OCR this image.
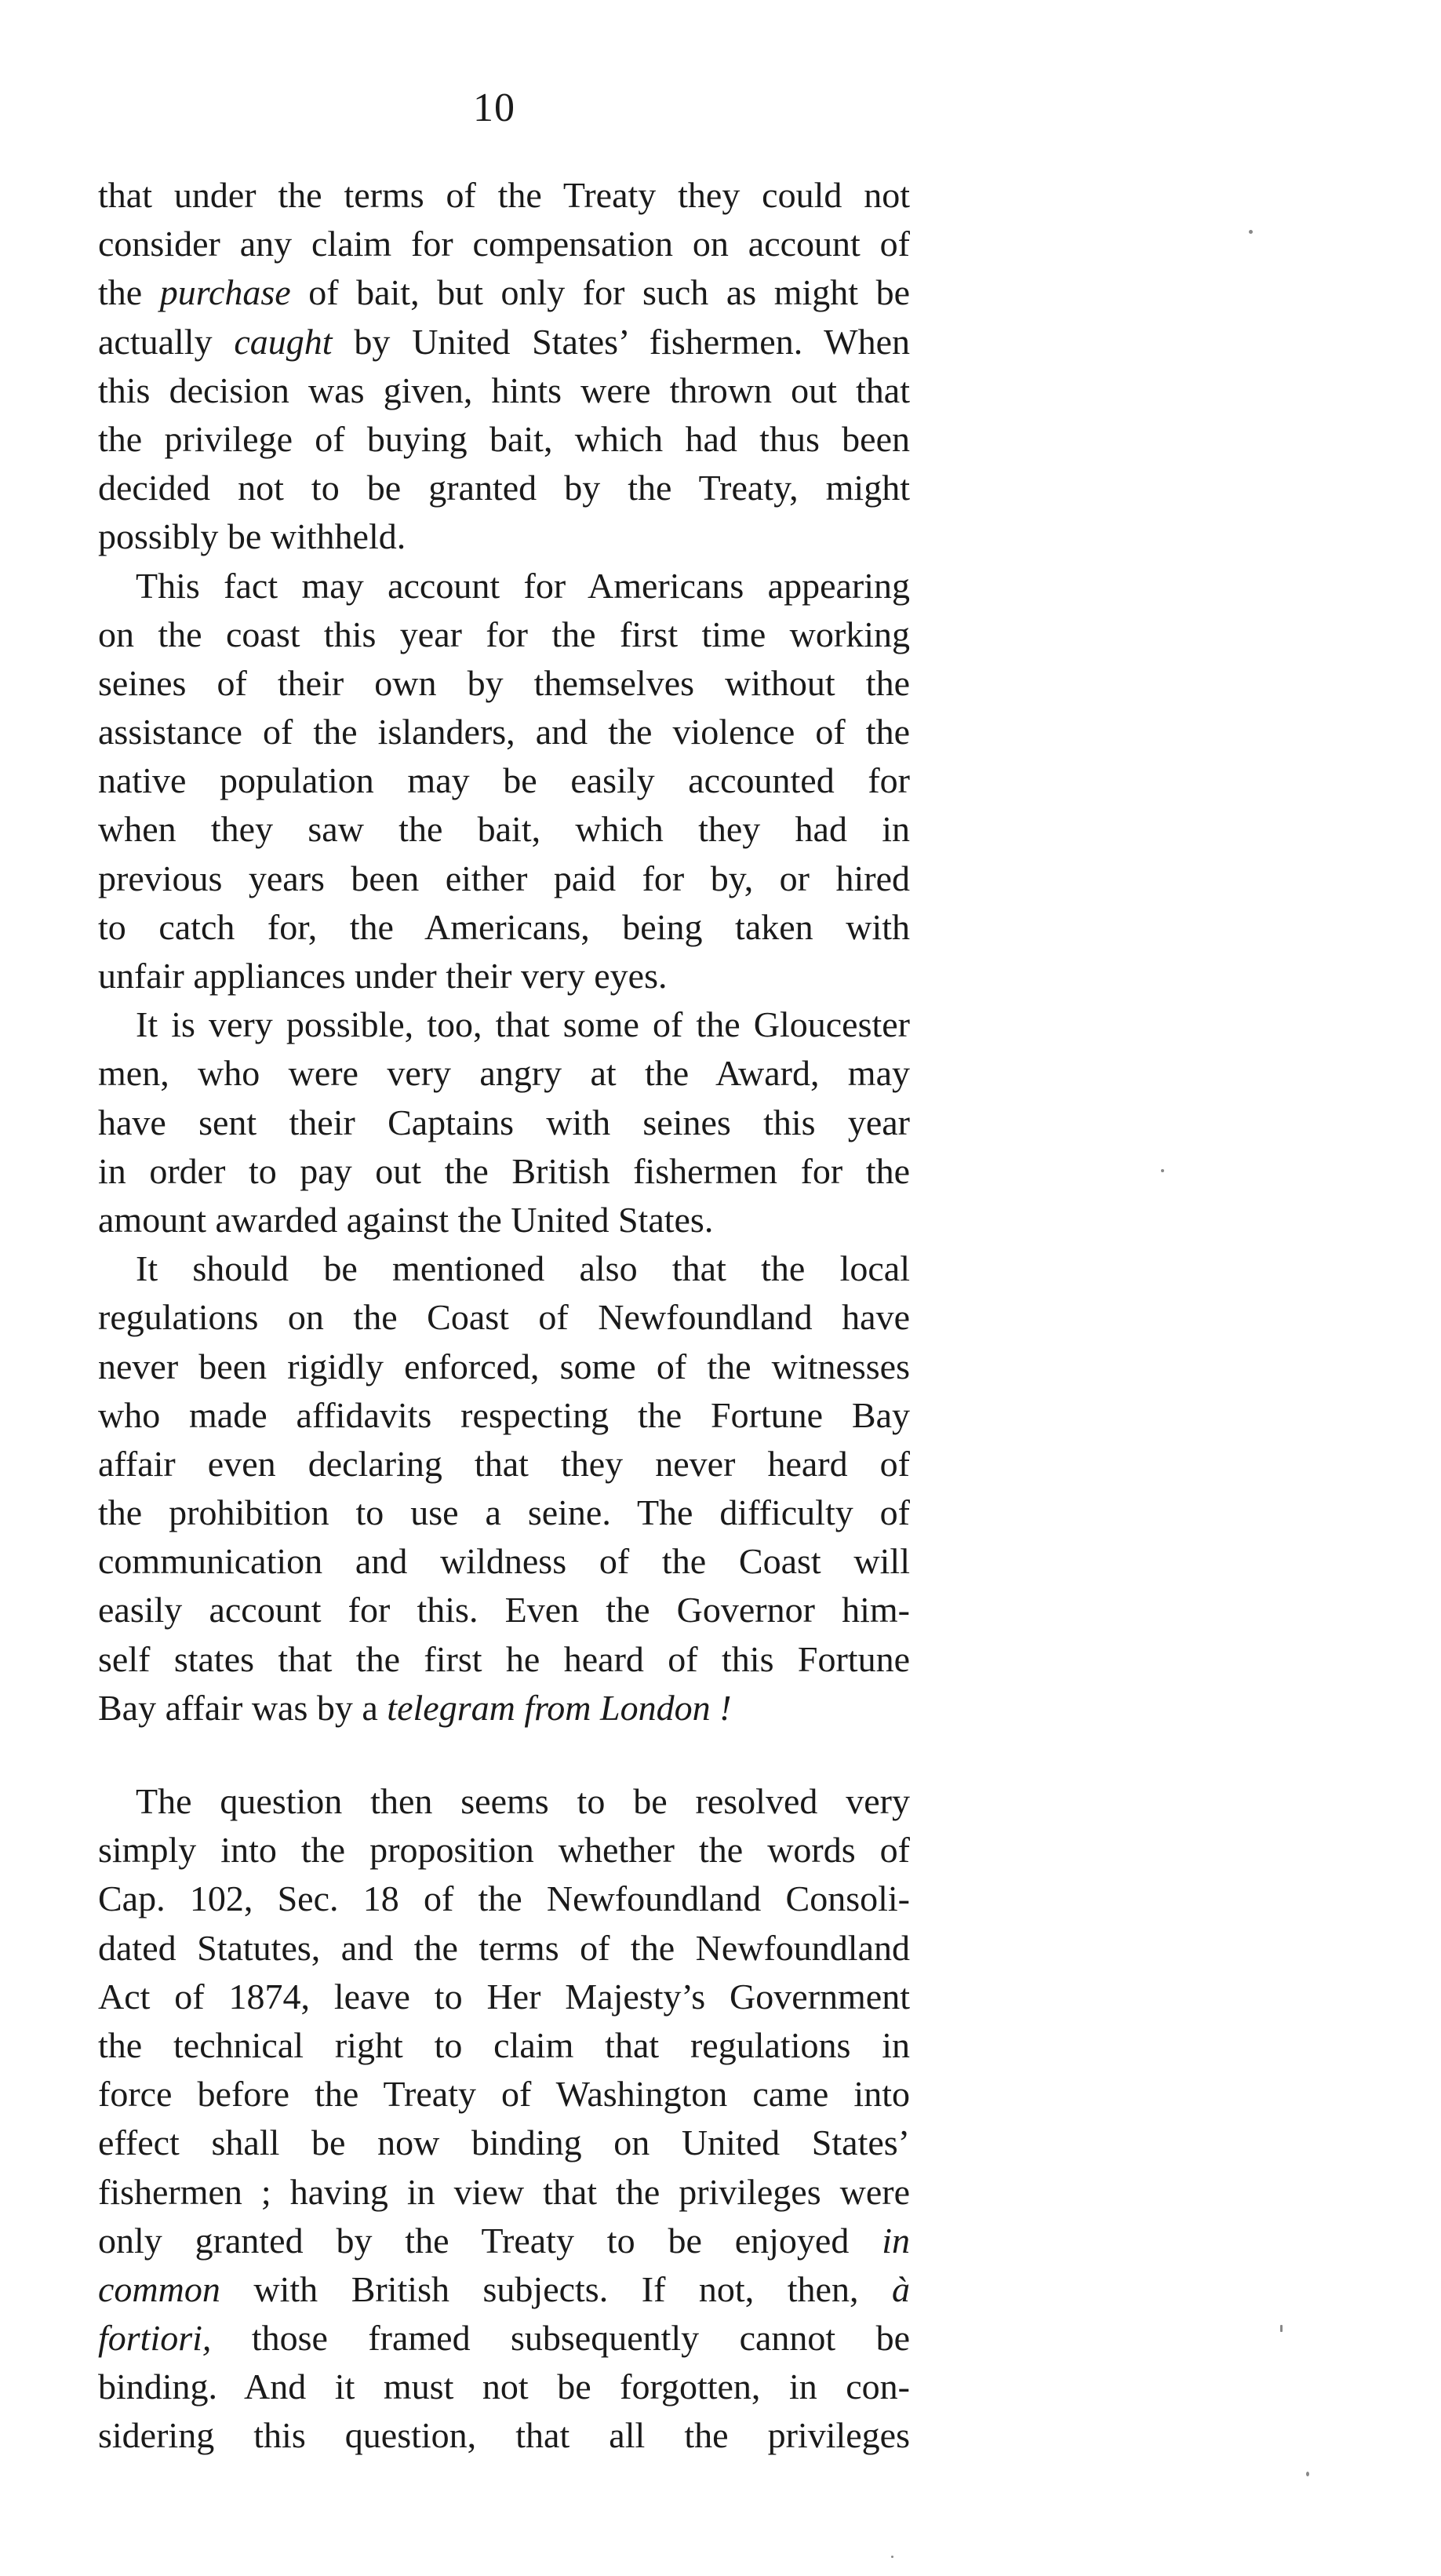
10
that under the terms of the Treaty they could not
consider any claim for compensation on account of
the purchase of bait, but only for such as might be
actually caught by United States’ fishermen. When
this decision was given, hints were thrown out that
the privilege of buying bait, which had thus been
decided not to be granted by the Treaty, might
possibly be withheld.
This fact may account for Americans appearing
on the coast this year for the first time working
seines of their own by themselves without the
assistance of the islanders, and the violence of the
native population may be easily accounted for
when they saw the bait, which they had in
previous years been either paid for by, or hired
to catch for, the Americans, being taken with
unfair appliances under their very eyes.
It is very possible, too, that some of the Gloucester
men, who were very angry at the Award, may
have sent their Captains with seines this year
in order to pay out the British fishermen for the
amount awarded against the United States.
It should be mentioned also that the local
regulations on the Coast of Newfoundland have
never been rigidly enforced, some of the witnesses
who made affidavits respecting the Fortune Bay
affair even declaring that they never heard of
the prohibition to use a seine. The difficulty of
communication and wildness of the Coast will
easily account for this. Even the Governor him-
self states that the first he heard of this Fortune
Bay affair was by a telegram from London !
The question then seems to be resolved very
simply into the proposition whether the words of
Cap. 102, Sec. 18 of the Newfoundland Consoli-
dated Statutes, and the terms of the Newfoundland
Act of 1874, leave to Her Majesty’s Government
the technical right to claim that regulations in
force before the Treaty of Washington came into
effect shall be now binding on United States’
fishermen ; having in view that the privileges were
only granted by the Treaty to be enjoyed in
common with British subjects. If not, then, à
fortiori, those framed subsequently cannot be
binding. And it must not be forgotten, in con-
sidering this question, that all the privileges
